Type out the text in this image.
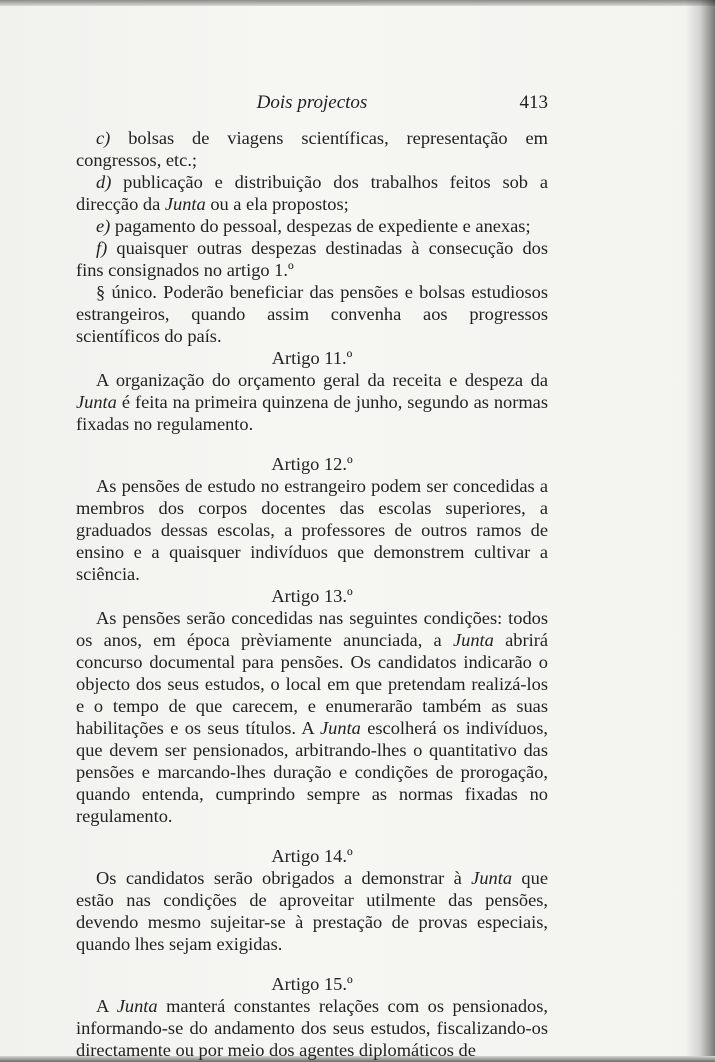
Dois projectos	413

c) bolsas de viagens scientíficas, representação em congressos, etc.;

d) publicação e distribuição dos trabalhos feitos sob a direcção da Junta ou a ela propostos;

e) pagamento do pessoal, despezas de expediente e anexas;

f) quaisquer outras despezas destinadas à consecução dos fins consignados no artigo 1.º

§ único. Poderão beneficiar das pensões e bolsas estudiosos estrangeiros, quando assim convenha aos progressos scientíficos do país.

Artigo 11.º

A organização do orçamento geral da receita e despeza da Junta é feita na primeira quinzena de junho, segundo as normas fixadas no regulamento.

Artigo 12.º

As pensões de estudo no estrangeiro podem ser concedidas a membros dos corpos docentes das escolas superiores, a graduados dessas escolas, a professores de outros ramos de ensino e a quaisquer indivíduos que demonstrem cultivar a sciência.

Artigo 13.º

As pensões serão concedidas nas seguintes condições: todos os anos, em época prèviamente anunciada, a Junta abrirá concurso documental para pensões. Os candidatos indicarão o objecto dos seus estudos, o local em que pretendam realizá-los e o tempo de que carecem, e enumerarão também as suas habilitações e os seus títulos. A Junta escolherá os indivíduos, que devem ser pensionados, arbitrando-lhes o quantitativo das pensões e marcando-lhes duração e condições de prorogação, quando entenda, cumprindo sempre as normas fixadas no regulamento.

Artigo 14.º

Os candidatos serão obrigados a demonstrar à Junta que estão nas condições de aproveitar utilmente das pensões, devendo mesmo sujeitar-se à prestação de provas especiais, quando lhes sejam exigidas.

Artigo 15.º

A Junta manterá constantes relações com os pensionados, informando-se do andamento dos seus estudos, fiscalizando-os directamente ou por meio dos agentes diplomáticos de
